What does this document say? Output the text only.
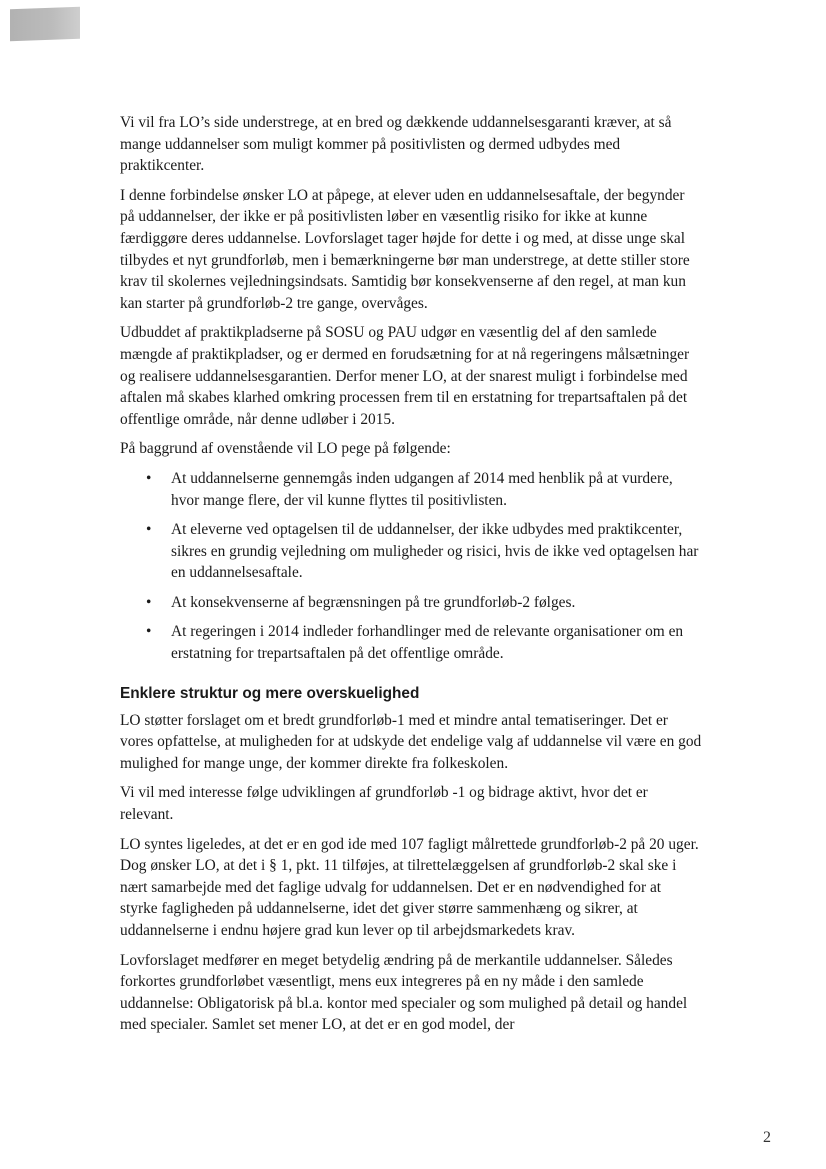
Vi vil fra LO’s side understrege, at en bred og dækkende uddannelsesgaranti kræver, at så mange uddannelser som muligt kommer på positivlisten og dermed udbydes med praktikcenter.

I denne forbindelse ønsker LO at påpege, at elever uden en uddannelsesaftale, der begynder på uddannelser, der ikke er på positivlisten løber en væsentlig risiko for ikke at kunne færdiggøre deres uddannelse. Lovforslaget tager højde for dette i og med, at disse unge skal tilbydes et nyt grundforløb, men i bemærkningerne bør man understrege, at dette stiller store krav til skolernes vejledningsindsats. Samtidig bør konsekvenserne af den regel, at man kun kan starter på grundforløb-2 tre gange, overvåges.

Udbuddet af praktikpladserne på SOSU og PAU udgør en væsentlig del af den samlede mængde af praktikpladser, og er dermed en forudsætning for at nå regeringens målsætninger og realisere uddannelsesgarantien. Derfor mener LO, at der snarest muligt i forbindelse med aftalen må skabes klarhed omkring processen frem til en erstatning for trepartsaftalen på det offentlige område, når denne udløber i 2015.

På baggrund af ovenstående vil LO pege på følgende:

• At uddannelserne gennemgås inden udgangen af 2014 med henblik på at vurdere, hvor mange flere, der vil kunne flyttes til positivlisten.
• At eleverne ved optagelsen til de uddannelser, der ikke udbydes med praktikcenter, sikres en grundig vejledning om muligheder og risici, hvis de ikke ved optagelsen har en uddannelsesaftale.
• At konsekvenserne af begrænsningen på tre grundforløb-2 følges.
• At regeringen i 2014 indleder forhandlinger med de relevante organisationer om en erstatning for trepartsaftalen på det offentlige område.
Enklere struktur og mere overskuelighed

LO støtter forslaget om et bredt grundforløb-1 med et mindre antal tematiseringer. Det er vores opfattelse, at muligheden for at udskyde det endelige valg af uddannelse vil være en god mulighed for mange unge, der kommer direkte fra folkeskolen.

Vi vil med interesse følge udviklingen af grundforløb -1 og bidrage aktivt, hvor det er relevant.

LO syntes ligeledes, at det er en god ide med 107 fagligt målrettede grundforløb-2 på 20 uger. Dog ønsker LO, at det i § 1, pkt. 11 tilføjes, at tilrettelæggelsen af grundforløb-2 skal ske i nært samarbejde med det faglige udvalg for uddannelsen. Det er en nødvendighed for at styrke fagligheden på uddannelserne, idet det giver større sammenhæng og sikrer, at uddannelserne i endnu højere grad kun lever op til arbejdsmarkedets krav.

Lovforslaget medfører en meget betydelig ændring på de merkantile uddannelser. Således forkortes grundforløbet væsentligt, mens eux integreres på en ny måde i den samlede uddannelse: Obligatorisk på bl.a. kontor med specialer og som mulighed på detail og handel med specialer. Samlet set mener LO, at det er en god model, der

2
